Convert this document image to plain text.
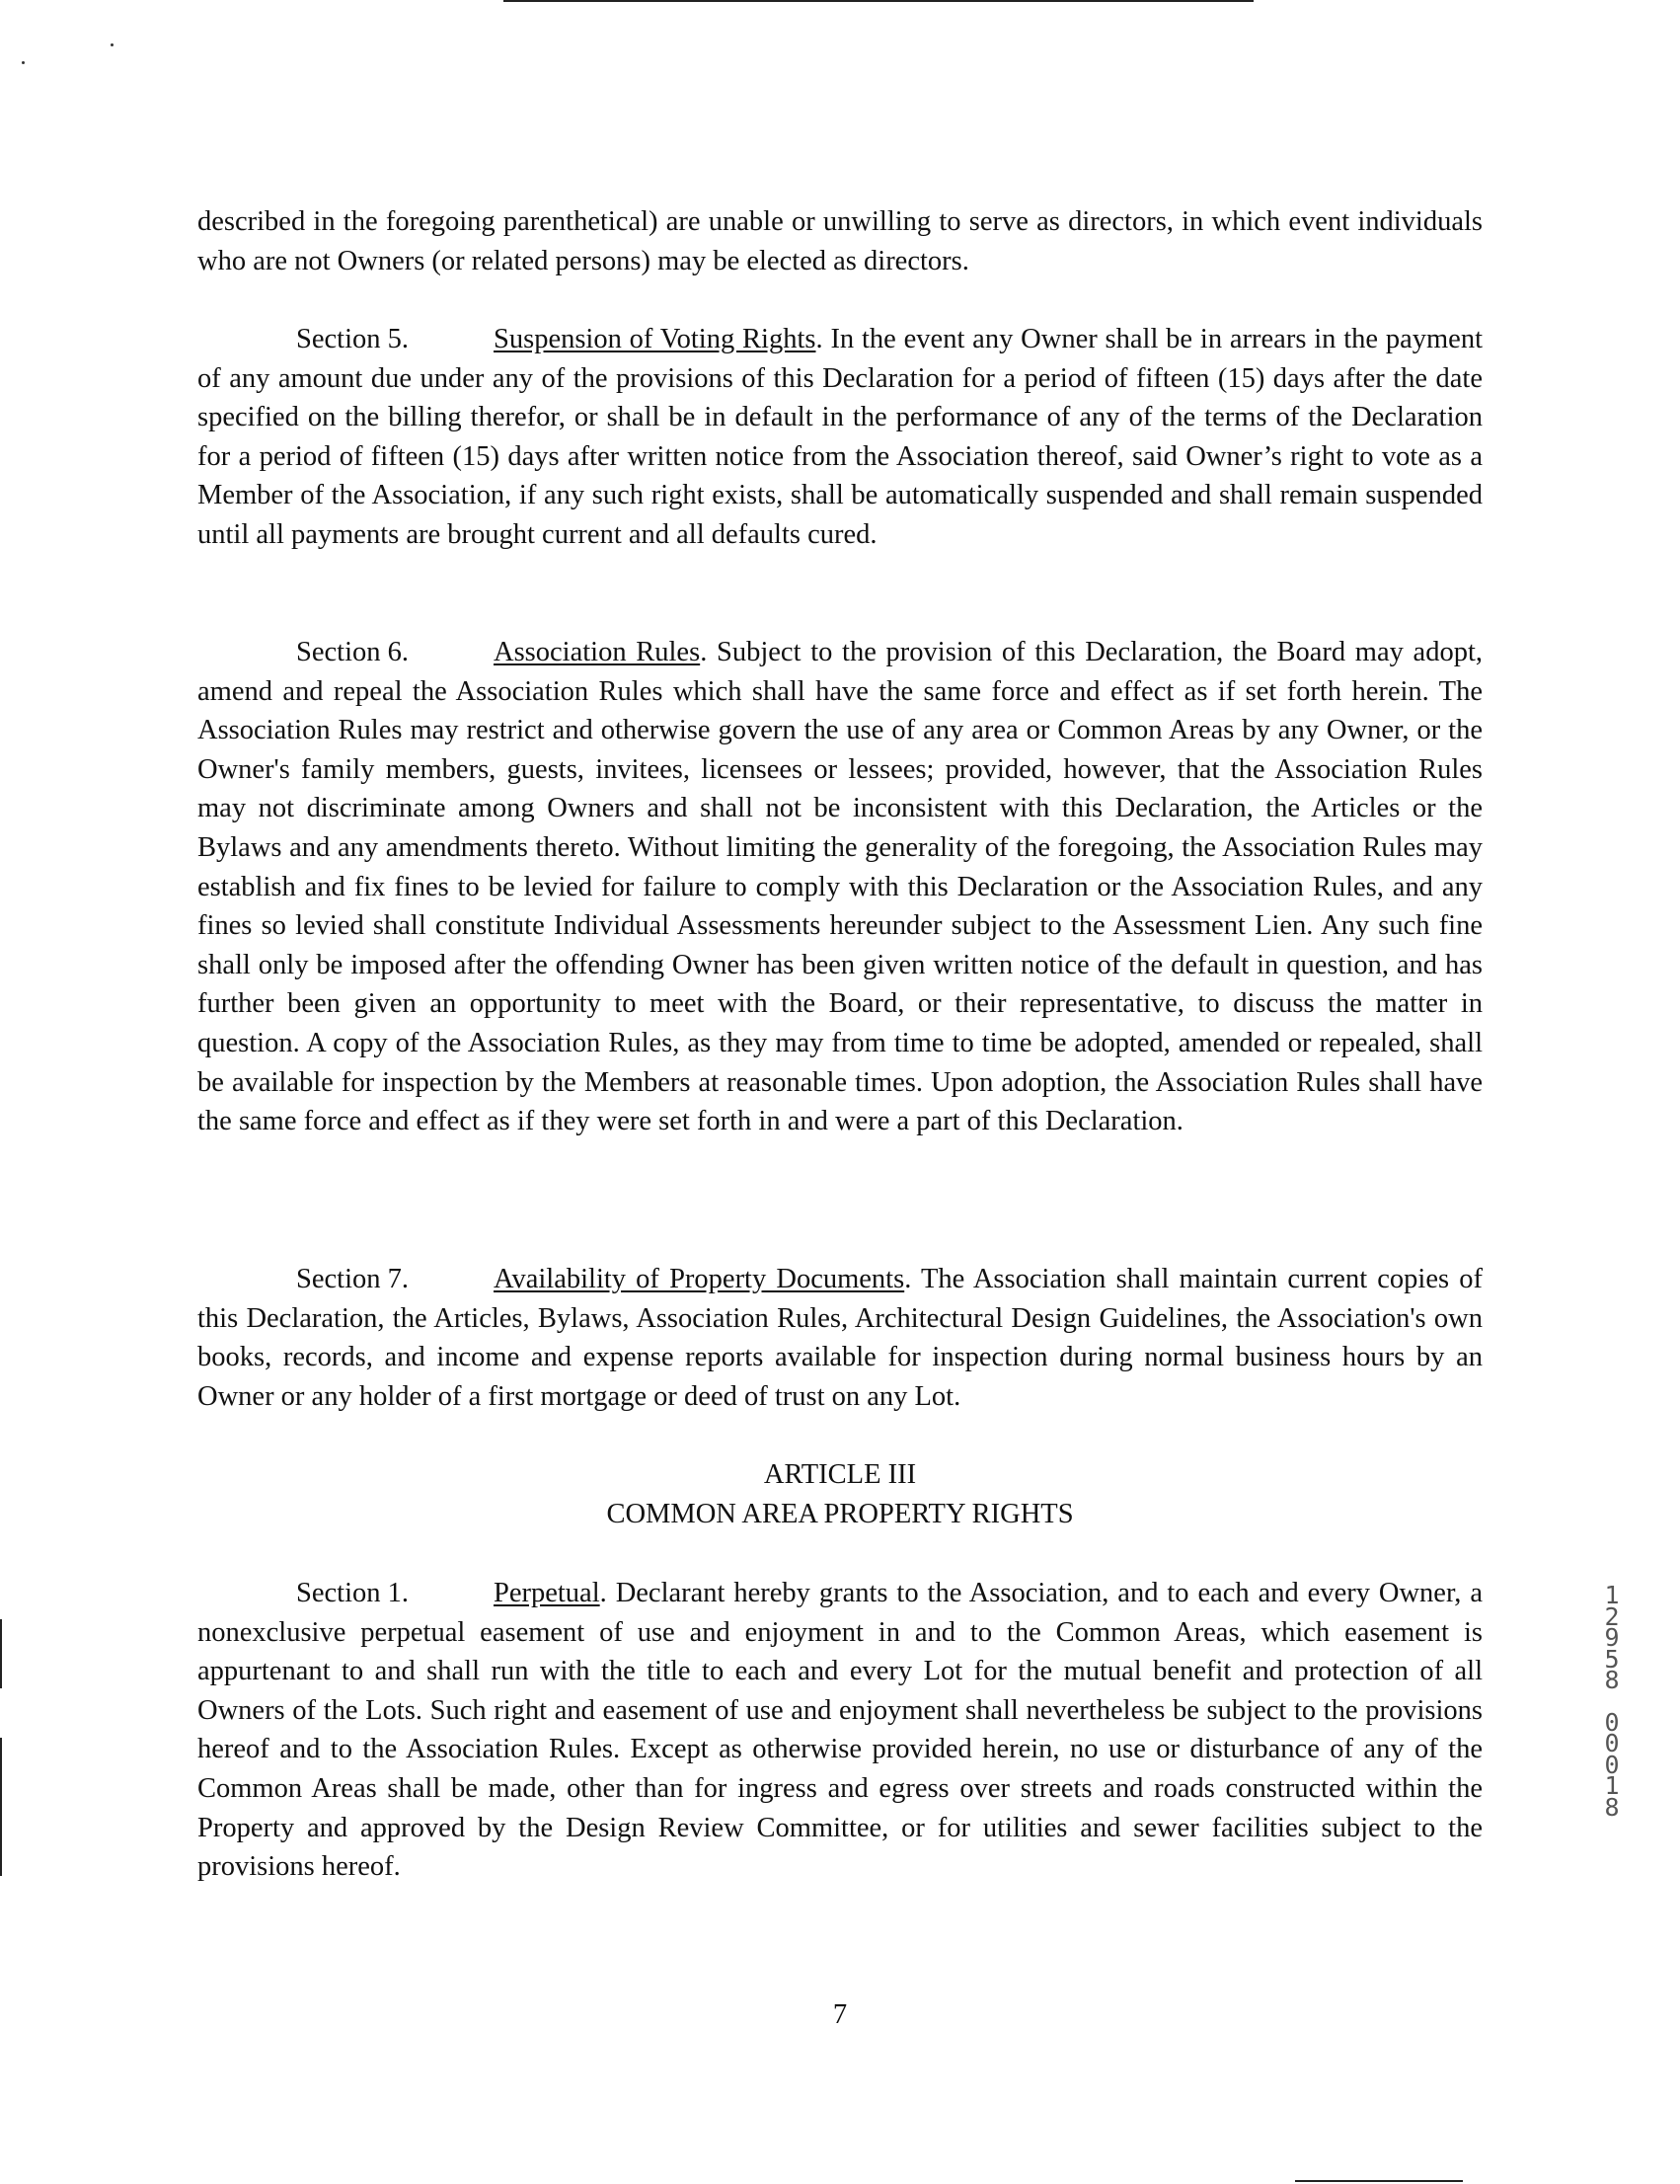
described in the foregoing parenthetical) are unable or unwilling to serve as directors, in which event individuals who are not Owners (or related persons) may be elected as directors.

Section 5.	Suspension of Voting Rights. In the event any Owner shall be in arrears in the payment of any amount due under any of the provisions of this Declaration for a period of fifteen (15) days after the date specified on the billing therefor, or shall be in default in the performance of any of the terms of the Declaration for a period of fifteen (15) days after written notice from the Association thereof, said Owner’s right to vote as a Member of the Association, if any such right exists, shall be automatically suspended and shall remain suspended until all payments are brought current and all defaults cured.

Section 6.	Association Rules. Subject to the provision of this Declaration, the Board may adopt, amend and repeal the Association Rules which shall have the same force and effect as if set forth herein. The Association Rules may restrict and otherwise govern the use of any area or Common Areas by any Owner, or the Owner's family members, guests, invitees, licensees or lessees; provided, however, that the Association Rules may not discriminate among Owners and shall not be inconsistent with this Declaration, the Articles or the Bylaws and any amendments thereto. Without limiting the generality of the foregoing, the Association Rules may establish and fix fines to be levied for failure to comply with this Declaration or the Association Rules, and any fines so levied shall constitute Individual Assessments hereunder subject to the Assessment Lien. Any such fine shall only be imposed after the offending Owner has been given written notice of the default in question, and has further been given an opportunity to meet with the Board, or their representative, to discuss the matter in question. A copy of the Association Rules, as they may from time to time be adopted, amended or repealed, shall be available for inspection by the Members at reasonable times. Upon adoption, the Association Rules shall have the same force and effect as if they were set forth in and were a part of this Declaration.

Section 7.	Availability of Property Documents. The Association shall maintain current copies of this Declaration, the Articles, Bylaws, Association Rules, Architectural Design Guidelines, the Association's own books, records, and income and expense reports available for inspection during normal business hours by an Owner or any holder of a first mortgage or deed of trust on any Lot.

ARTICLE III
COMMON AREA PROPERTY RIGHTS

Section 1.	Perpetual. Declarant hereby grants to the Association, and to each and every Owner, a nonexclusive perpetual easement of use and enjoyment in and to the Common Areas, which easement is appurtenant to and shall run with the title to each and every Lot for the mutual benefit and protection of all Owners of the Lots. Such right and easement of use and enjoyment shall nevertheless be subject to the provisions hereof and to the Association Rules. Except as otherwise provided herein, no use or disturbance of any of the Common Areas shall be made, other than for ingress and egress over streets and roads constructed within the Property and approved by the Design Review Committee, or for utilities and sewer facilities subject to the provisions hereof.

1
2
9
5
8
0
0
0
1
8
7
